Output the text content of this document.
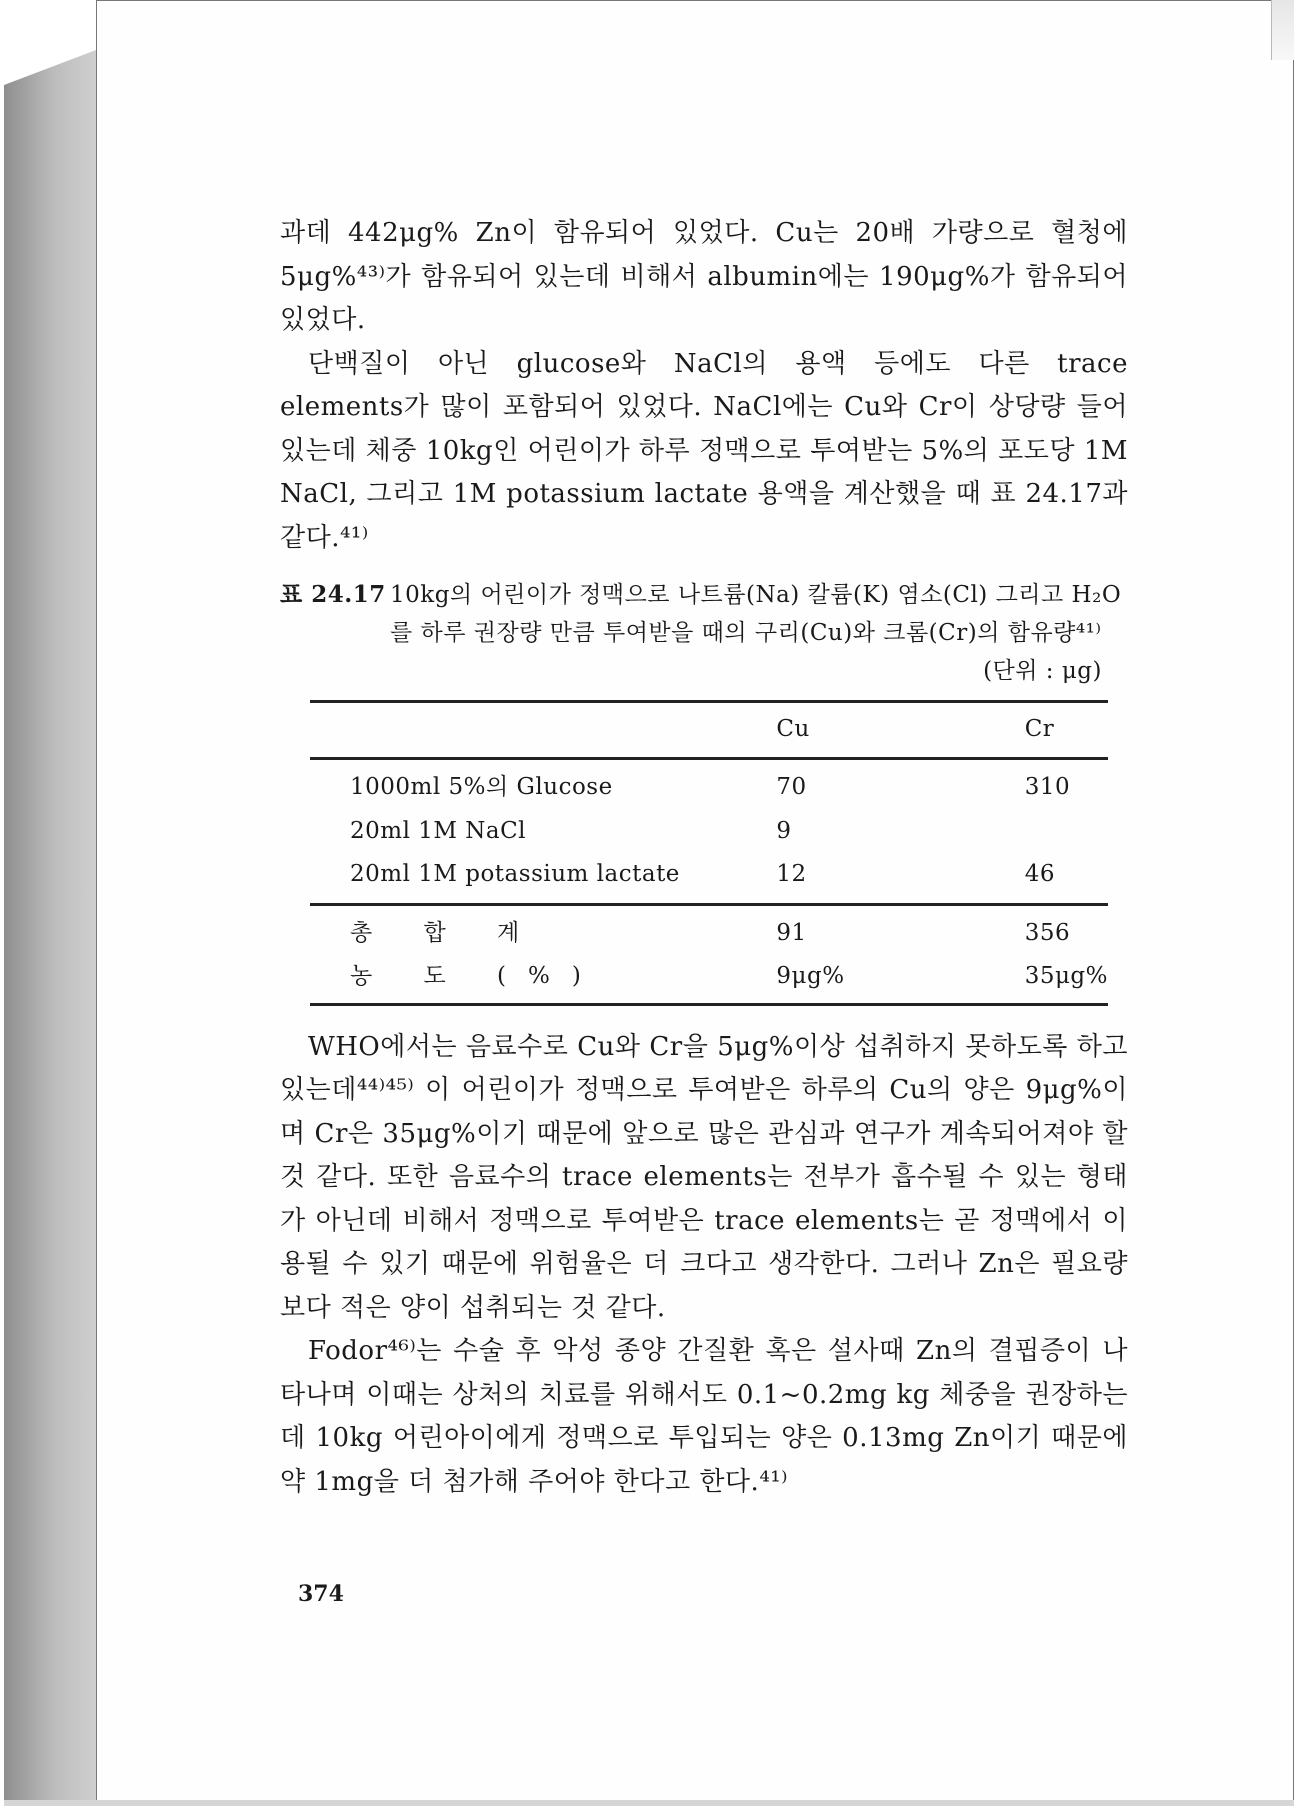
과데 442μg% Zn이 함유되어 있었다. Cu는 20배 가량으로 혈청에 5μg%⁴³⁾가 함유되어 있는데 비해서 albumin에는 190μg%가 함유되어 있었다.

단백질이 아닌 glucose와 NaCl의 용액 등에도 다른 trace elements가 많이 포함되어 있었다. NaCl에는 Cu와 Cr이 상당량 들어 있는데 체중 10kg인 어린이가 하루 정맥으로 투여받는 5%의 포도당 1M NaCl, 그리고 1M potassium lactate 용액을 계산했을 때 표 24.17과 같다.⁴¹⁾

표 24.17 10kg의 어린이가 정맥으로 나트륨(Na) 칼륨(K) 염소(Cl) 그리고 H₂O를 하루 권장량 만큼 투여받을 때의 구리(Cu)와 크롬(Cr)의 함유량⁴¹⁾
(단위 : μg)
	Cu	Cr
1000ml 5%의 Glucose	70	310
20ml 1M NaCl	9	
20ml 1M potassium lactate	12	46
총 합 계	91	356
농 도 (%)	9μg%	35μg%

WHO에서는 음료수로 Cu와 Cr을 5μg%이상 섭취하지 못하도록 하고 있는데⁴⁴⁾⁴⁵⁾ 이 어린이가 정맥으로 투여받은 하루의 Cu의 양은 9μg%이며 Cr은 35μg%이기 때문에 앞으로 많은 관심과 연구가 계속되어져야 할 것 같다. 또한 음료수의 trace elements는 전부가 흡수될 수 있는 형태가 아닌데 비해서 정맥으로 투여받은 trace elements는 곧 정맥에서 이용될 수 있기 때문에 위험율은 더 크다고 생각한다. 그러나 Zn은 필요량보다 적은 양이 섭취되는 것 같다.

Fodor⁴⁶⁾는 수술 후 악성 종양 간질환 혹은 설사때 Zn의 결핍증이 나타나며 이때는 상처의 치료를 위해서도 0.1~0.2mg kg 체중을 권장하는 데 10kg 어린아이에게 정맥으로 투입되는 양은 0.13mg Zn이기 때문에 약 1mg을 더 첨가해 주어야 한다고 한다.⁴¹⁾

374
